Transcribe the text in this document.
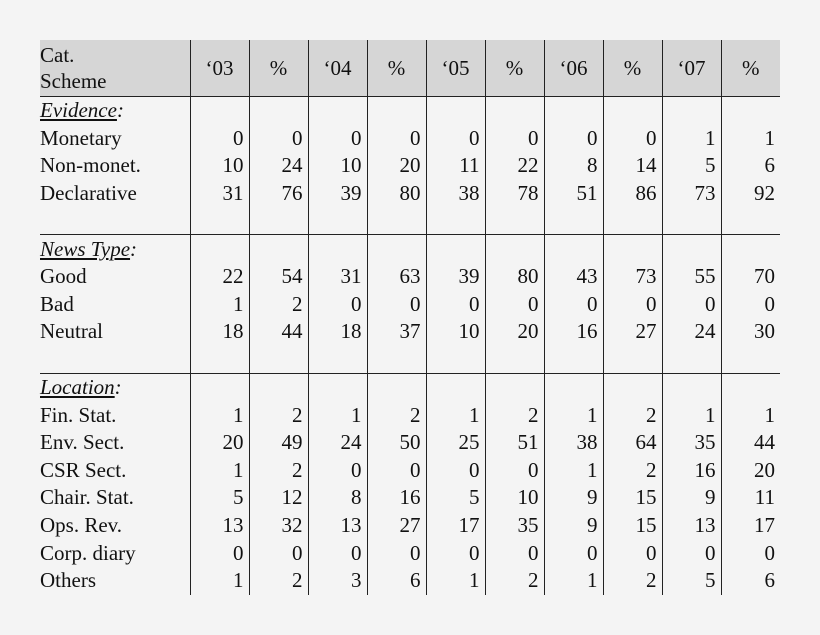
Cat.
Scheme	‘03	%	‘04	%	‘05	%	‘06	%	‘07	%
Evidence:										
Monetary	0	0	0	0	0	0	0	0	1	1
Non-monet.	10	24	10	20	11	22	8	14	5	6
Declarative	31	76	39	80	38	78	51	86	73	92

News Type:										
Good	22	54	31	63	39	80	43	73	55	70
Bad	1	2	0	0	0	0	0	0	0	0
Neutral	18	44	18	37	10	20	16	27	24	30

Location:										
Fin. Stat.	1	2	1	2	1	2	1	2	1	1
Env. Sect.	20	49	24	50	25	51	38	64	35	44
CSR Sect.	1	2	0	0	0	0	1	2	16	20
Chair. Stat.	5	12	8	16	5	10	9	15	9	11
Ops. Rev.	13	32	13	27	17	35	9	15	13	17
Corp. diary	0	0	0	0	0	0	0	0	0	0
Others	1	2	3	6	1	2	1	2	5	6
